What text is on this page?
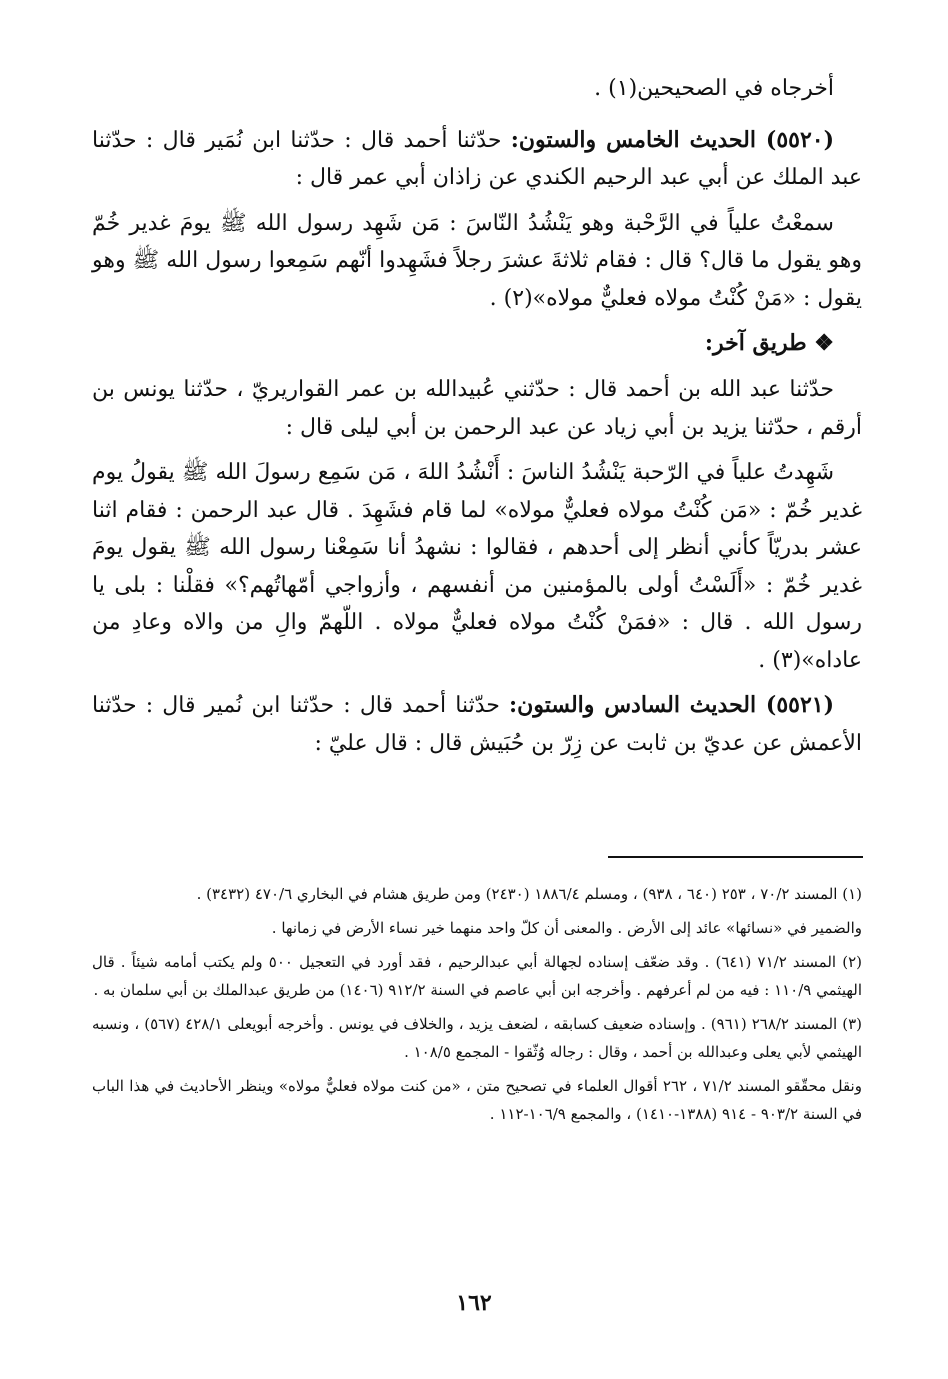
أخرجاه في الصحيحين(١) .

(٥٥٢٠) الحديث الخامس والستون: حدّثنا أحمد قال : حدّثنا ابن نُمَير قال : حدّثنا عبد الملك عن أبي عبد الرحيم الكندي عن زاذان أبي عمر قال :

سمعْتُ علياً في الرَّحْبة وهو يَنْشُدُ النّاسَ : مَن شَهِد رسول الله ﷺ يومَ غدير خُمّ وهو يقول ما قال؟ قال : فقام ثلاثةَ عشرَ رجلاً فشَهِدوا أنّهم سَمِعوا رسول الله ﷺ وهو يقول : «مَنْ كُنْتُ مولاه فعليٌّ مولاه»(٢) .

❖ طريق آخر:

حدّثنا عبد الله بن أحمد قال : حدّثني عُبيدالله بن عمر القواريريّ ، حدّثنا يونس بن أرقم ، حدّثنا يزيد بن أبي زياد عن عبد الرحمن بن أبي ليلى قال :

شَهِدتُ علياً في الرّحبة يَنْشُدُ الناسَ : أَنْشُدُ اللهَ ، مَن سَمِع رسولَ الله ﷺ يقولُ يوم غدير خُمّ : «مَن كُنْتُ مولاه فعليٌّ مولاه» لما قام فشَهِدَ . قال عبد الرحمن : فقام اثنا عشر بدريّاً كأني أنظر إلى أحدهم ، فقالوا : نشهدُ أنا سَمِعْنا رسول الله ﷺ يقول يومَ غدير خُمّ : «أَلَسْتُ أولى بالمؤمنين من أنفسهم ، وأزواجي أمّهاتُهم؟» فقلْنا : بلى يا رسول الله . قال : «فمَنْ كُنْتُ مولاه فعليٌّ مولاه . اللّهمّ والِ من والاه وعادِ من عاداه»(٣) .

(٥٥٢١) الحديث السادس والستون: حدّثنا أحمد قال : حدّثنا ابن نُمير قال : حدّثنا الأعمش عن عديّ بن ثابت عن زِرّ بن حُبَيش قال : قال عليّ :

(١) المسند ٧٠/٢ ، ٢٥٣ (٦٤٠ ، ٩٣٨) ، ومسلم ١٨٨٦/٤ (٢٤٣٠) ومن طريق هشام في البخاري ٤٧٠/٦ (٣٤٣٢) .

والضمير في «نسائها» عائد إلى الأرض . والمعنى أن كلّ واحد منهما خير نساء الأرض في زمانها .

(٢) المسند ٧١/٢ (٦٤١) . وقد ضعّف إسناده لجهالة أبي عبدالرحيم ، فقد أورد في التعجيل ٥٠٠ ولم يكتب أمامه شيئاً . قال الهيثمي ١١٠/٩ : فيه من لم أعرفهم . وأخرجه ابن أبي عاصم في السنة ٩١٢/٢ (١٤٠٦) من طريق عبدالملك بن أبي سلمان به .

(٣) المسند ٢٦٨/٢ (٩٦١) . وإسناده ضعيف كسابقه ، لضعف يزيد ، والخلاف في يونس . وأخرجه أبويعلى ٤٢٨/١ (٥٦٧) ، ونسبه الهيثمي لأبي يعلى وعبدالله بن أحمد ، وقال : رجاله وُثّقوا - المجمع ١٠٨/٥ .

ونقل محقّقو المسند ٧١/٢ ، ٢٦٢ أقوال العلماء في تصحيح متن ، «من كنت مولاه فعليٌّ مولاه» وينظر الأحاديث في هذا الباب في السنة ٩٠٣/٢ - ٩١٤ (١٣٨٨-١٤١٠) ، والمجمع ١٠٦/٩-١١٢ .

١٦٢
